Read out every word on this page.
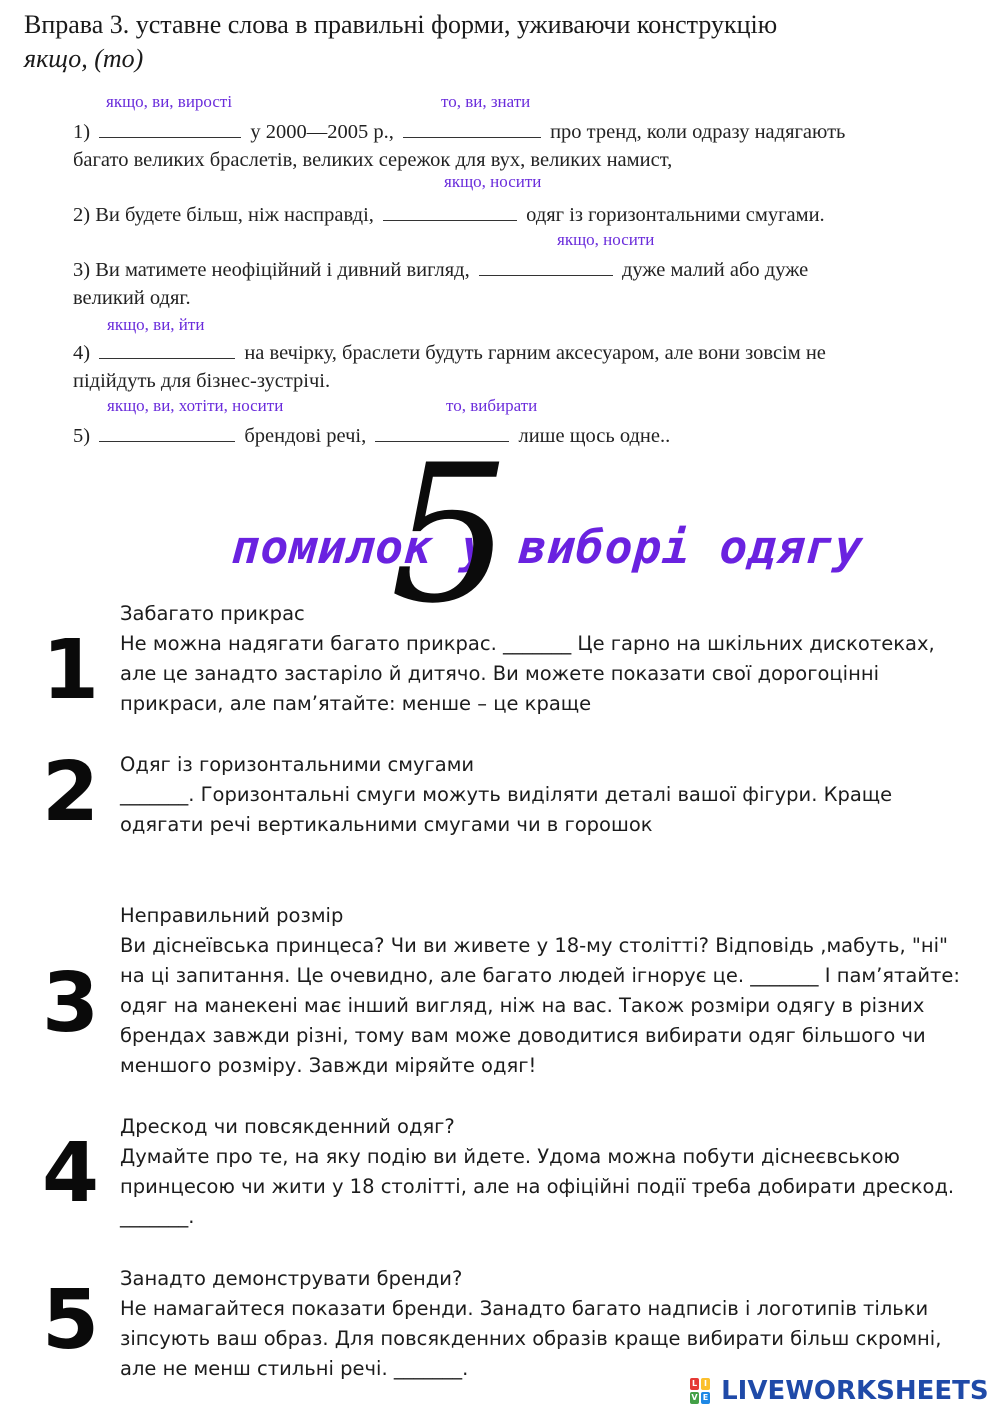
Вправа 3. уставне слова в правильні форми, уживаючи конструкцію
якщо, (то)
якщо, ви, виростi	то, ви, знати
1)	у 2000—2005 р.,	про тренд, коли одразу надягають
багато великих браслетів, великих сережок для вух, великих намист,
якщо, носити
2) Ви будете більш, ніж насправді,	одяг із горизонтальними смугами.
якщо, носити
3) Ви матимете неофіційний і дивний вигляд,	дуже малий або дуже
великий одяг.
якщо, ви, йти
4)	на вечірку, браслети будуть гарним аксесуаром, але вони зовсім не
підійдуть для бізнес-зустрічі.
якщо, ви, хотіти, носити	то, вибирати
5)	брендові речі,	лише щось одне..
помилок у виборі одягу
5
1
Забагато прикрас
Не можна надягати багато прикрас. _______ Це гарно на шкільних дискотеках,
але це занадто застаріло й дитячо. Ви можете показати свої дорогоцінні
прикраси, але пам’ятайте: менше – це краще
2 Одяг із горизонтальними смугами
_______. Горизонтальні смуги можуть виділяти деталі вашої фігури. Краще
одягати речі вертикальними смугами чи в горошок
3
Неправильний розмір
Ви діснеївська принцеса? Чи ви живете у 18-му столітті? Відповідь ,мабуть, "ні"
на ці запитання. Це очевидно, але багато людей ігнорує це. _______ І пам’ятайте:
одяг на манекені має інший вигляд, ніж на вас. Також розміри одягу в різних
брендах завжди різні, тому вам може доводитися вибирати одяг більшого чи
меншого розміру. Завжди міряйте одяг!
4 Дрескод чи повсякденний одяг?
Думайте про те, на яку подію ви йдете. Удома можна побути діснеєвською
принцесою чи жити у 18 столітті, але на офіційні події треба добирати дрескод.
_______.
5 Занадто демонструвати бренди?
Не намагайтеся показати бренди. Занадто багато надписів і логотипів тільки
зіпсують ваш образ. Для повсякденних образів краще вибирати більш скромні,
але не менш стильні речі. _______.
L I
V E LIVEWORKSHEETS
